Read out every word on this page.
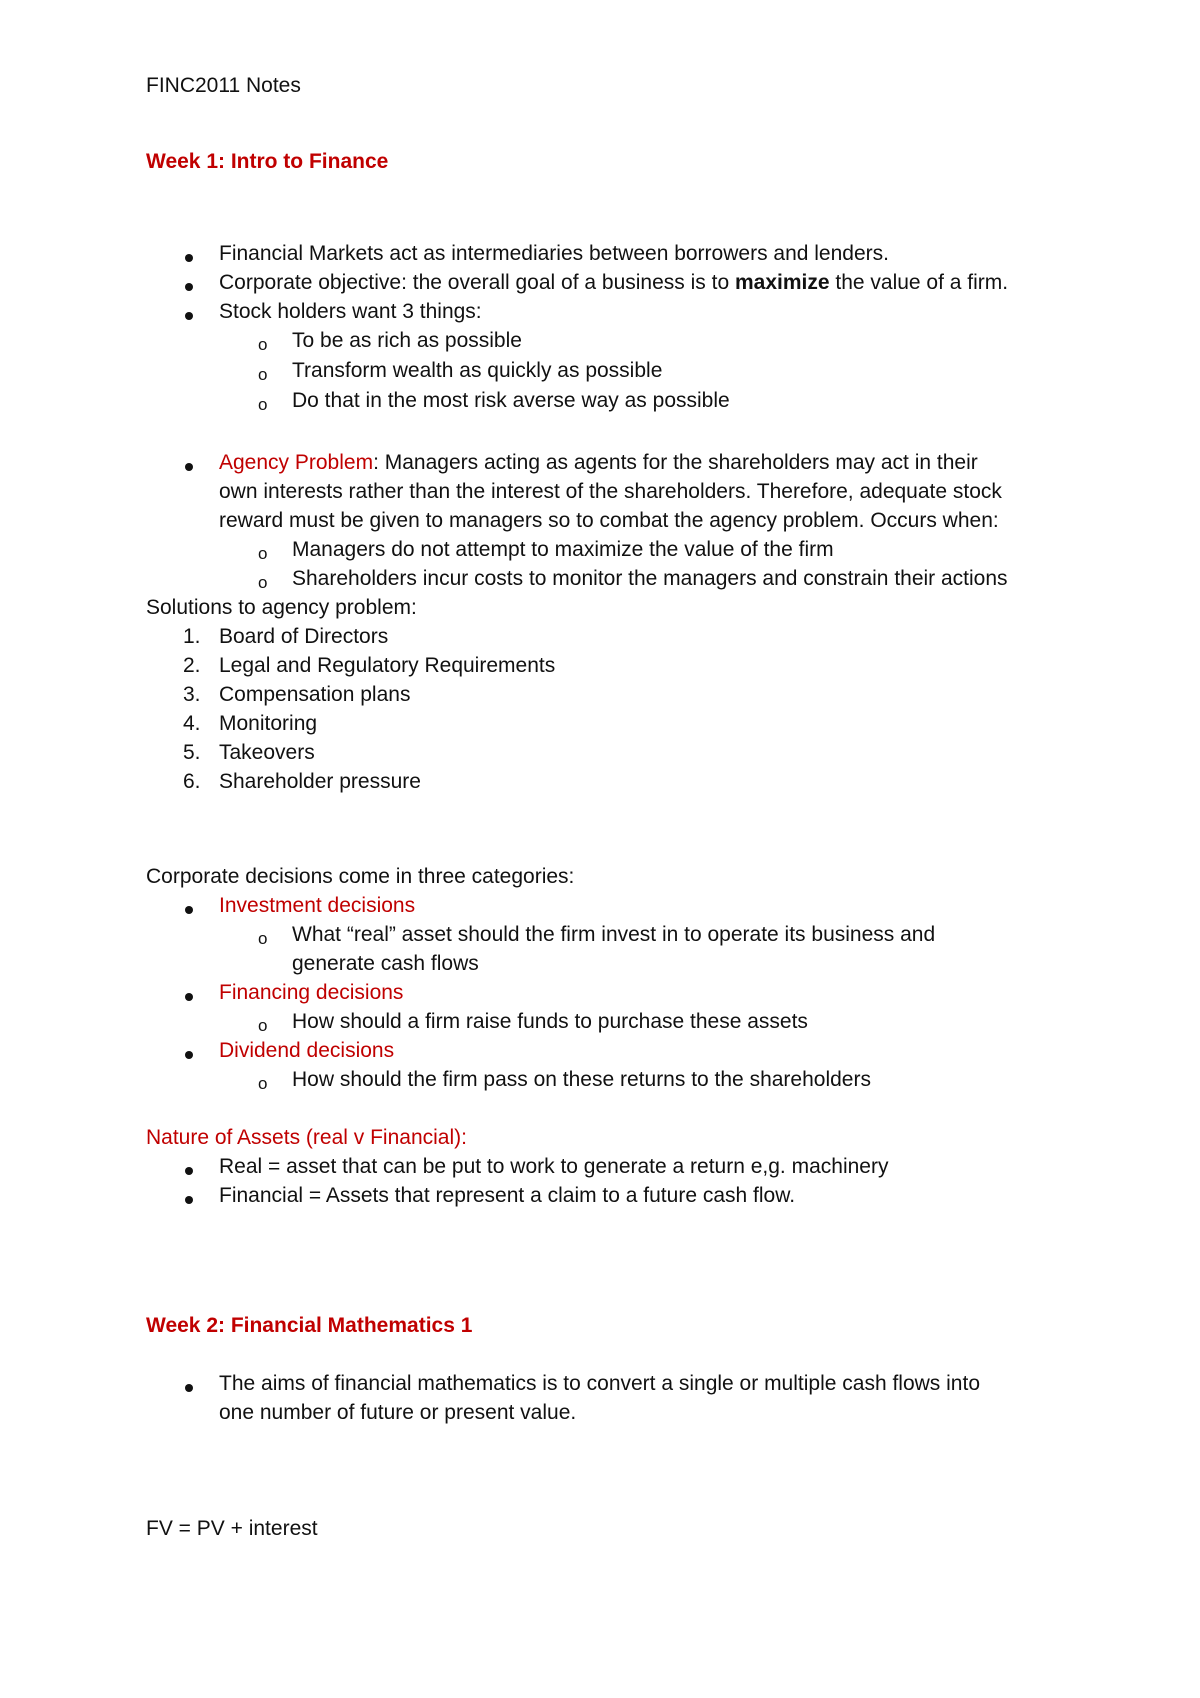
FINC2011 Notes
Week 1: Intro to Finance
Financial Markets act as intermediaries between borrowers and lenders.
Corporate objective: the overall goal of a business is to maximize the value of a firm.
Stock holders want 3 things:
o To be as rich as possible
o Transform wealth as quickly as possible
o Do that in the most risk averse way as possible
Agency Problem: Managers acting as agents for the shareholders may act in their
own interests rather than the interest of the shareholders. Therefore, adequate stock
reward must be given to managers so to combat the agency problem. Occurs when:
o Managers do not attempt to maximize the value of the firm
o Shareholders incur costs to monitor the managers and constrain their actions
Solutions to agency problem:
1. Board of Directors
2. Legal and Regulatory Requirements
3. Compensation plans
4. Monitoring
5. Takeovers
6. Shareholder pressure
Corporate decisions come in three categories:
Investment decisions
o What “real” asset should the firm invest in to operate its business and
generate cash flows
Financing decisions
o How should a firm raise funds to purchase these assets
Dividend decisions
o How should the firm pass on these returns to the shareholders
Nature of Assets (real v Financial):
Real = asset that can be put to work to generate a return e,g. machinery
Financial = Assets that represent a claim to a future cash flow.
Week 2: Financial Mathematics 1
The aims of financial mathematics is to convert a single or multiple cash flows into
one number of future or present value.
FV = PV + interest
